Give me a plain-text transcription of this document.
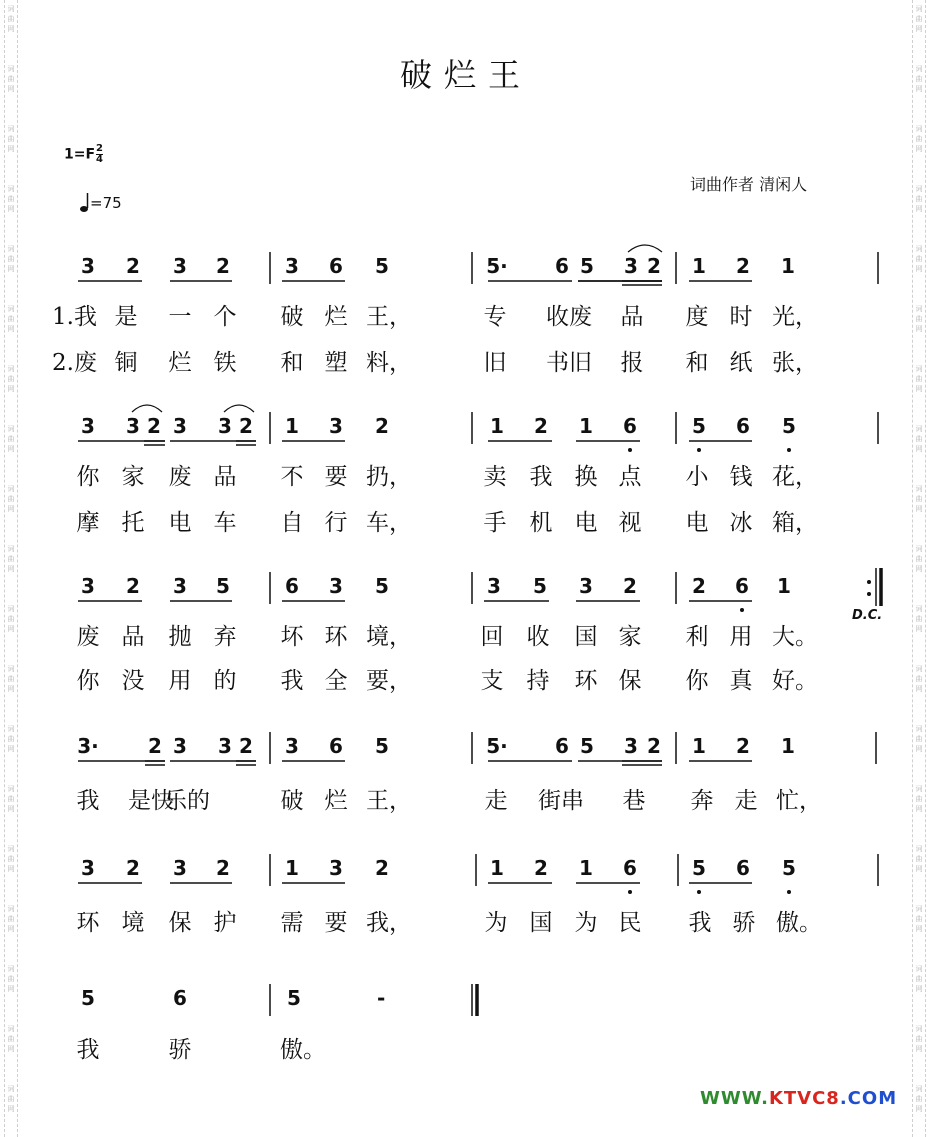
词
曲
网
词
曲
网
词
曲
网
词
曲
网
词
曲
网
词
曲
网
词
曲
网
词
曲
网
词
曲
网
词
曲
网
词
曲
网
词
曲
网
词
曲
网
词
曲
网
词
曲
网
词
曲
网
词
曲
网
词
曲
网
词
曲
网
词
曲
网
词
曲
网
词
曲
网
词
曲
网
词
曲
网
词
曲
网
词
曲
网
词
曲
网
词
曲
网
词
曲
网
词
曲
网
词
曲
网
词
曲
网
词
曲
网
词
曲
网
词
曲
网
词
曲
网
词
曲
网
词
曲
网
破烂王
$1=F \frac{2}{4}$
=75
词曲作者 清闲人
3 2 3 2	3 6 5	5· 6 5 3 2 1 2 1
1.我 是 一 个 破 烂 王，	专 收废 品 度 时 光，
2.废 铜 烂 铁 和 塑 料，	旧 书旧 报 和 纸 张，
3 3 2 3 3 2 1 3 2	1 2 1 6	5 6 5
你 家 废 品 不 要 扔，	卖 我 换 点 小 钱 花，
摩 托 电 车 自 行 车，	手 机 电 视 电 冰 箱，
3 2 3 5	6 3 5	3 5 3 2	2 6 1
废 品 抛 弃 坏 环 境，	回 收 国 家 利 用 大。
你 没 用 的 我 全 要，	支 持 环 保 你 真 好。
3· 2 3 3 2 3 6 5	5· 6 5 3 2 1 2 1
我 是快
乐的	破 烂 王，	走 街串 巷 奔 走 忙，
3 2 3 2	1 3 2	1 2 1 6	5 6 5
环 境 保 护 需 要 我，	为 国 为 民 我 骄 傲。
5	6	5
我	骄	傲。
-
D.C.
WWW.KTVC8.COM
